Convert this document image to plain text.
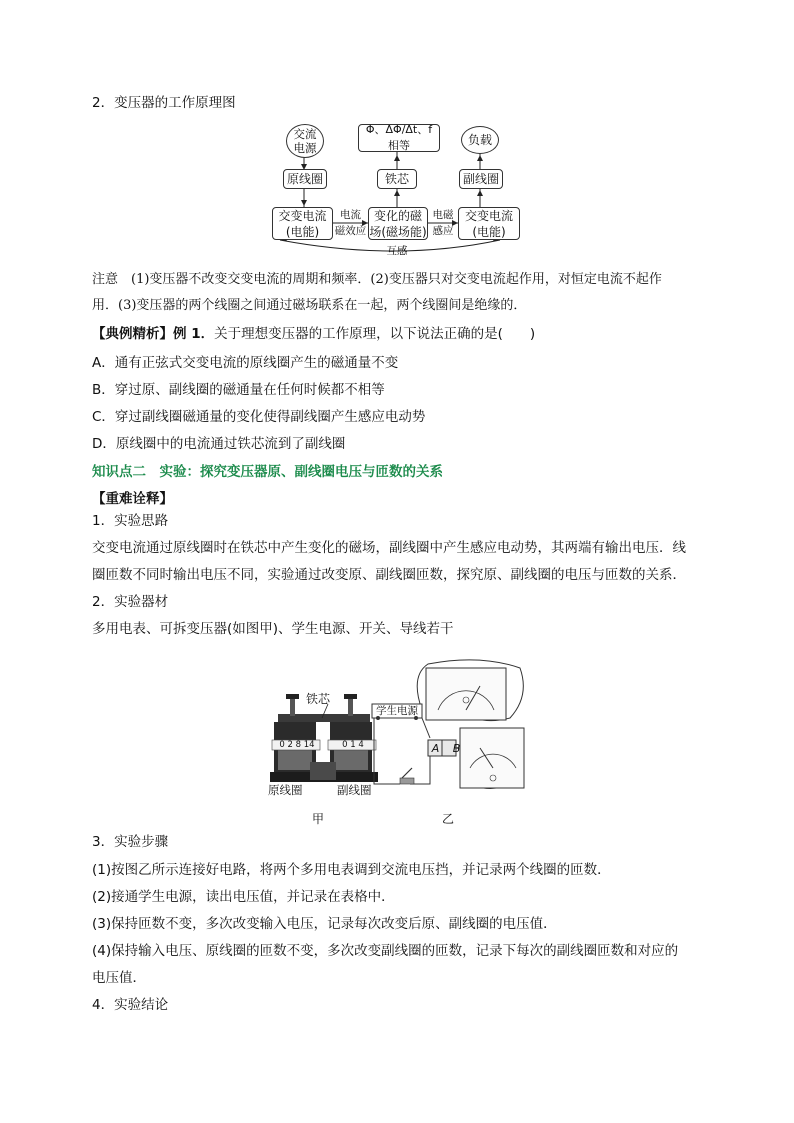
2．变压器的工作原理图
交流电源
Φ、ΔΦ/Δt、f 相等	负载
原线圈	铁芯	副线圈
交变电流
(电能)
变化的磁
场(磁场能)
交变电流
(电能)
电流
磁效应
电磁
感应
互感
注意　(1)变压器不改变交变电流的周期和频率．(2)变压器只对交变电流起作用，对恒定电流不起作
用．(3)变压器的两个线圈之间通过磁场联系在一起，两个线圈间是绝缘的．
【典例精析】例 1．关于理想变压器的工作原理，以下说法正确的是(　　)
A．通有正弦式交变电流的原线圈产生的磁通量不变
B．穿过原、副线圈的磁通量在任何时候都不相等
C．穿过副线圈磁通量的变化使得副线圈产生感应电动势
D．原线圈中的电流通过铁芯流到了副线圈
知识点二　实验：探究变压器原、副线圈电压与匝数的关系
【重难诠释】
1．实验思路
交变电流通过原线圈时在铁芯中产生变化的磁场，副线圈中产生感应电动势，其两端有输出电压．线
圈匝数不同时输出电压不同，实验通过改变原、副线圈匝数，探究原、副线圈的电压与匝数的关系．
2．实验器材
多用电表、可拆变压器(如图甲)、学生电源、开关、导线若干
0 2 8 14	0 1 4
铁芯
原线圈	副线圈
甲
学生电源
A B
乙
3．实验步骤
(1)按图乙所示连接好电路，将两个多用电表调到交流电压挡，并记录两个线圈的匝数．
(2)接通学生电源，读出电压值，并记录在表格中．
(3)保持匝数不变，多次改变输入电压，记录每次改变后原、副线圈的电压值．
(4)保持输入电压、原线圈的匝数不变，多次改变副线圈的匝数，记录下每次的副线圈匝数和对应的
电压值．
4．实验结论
